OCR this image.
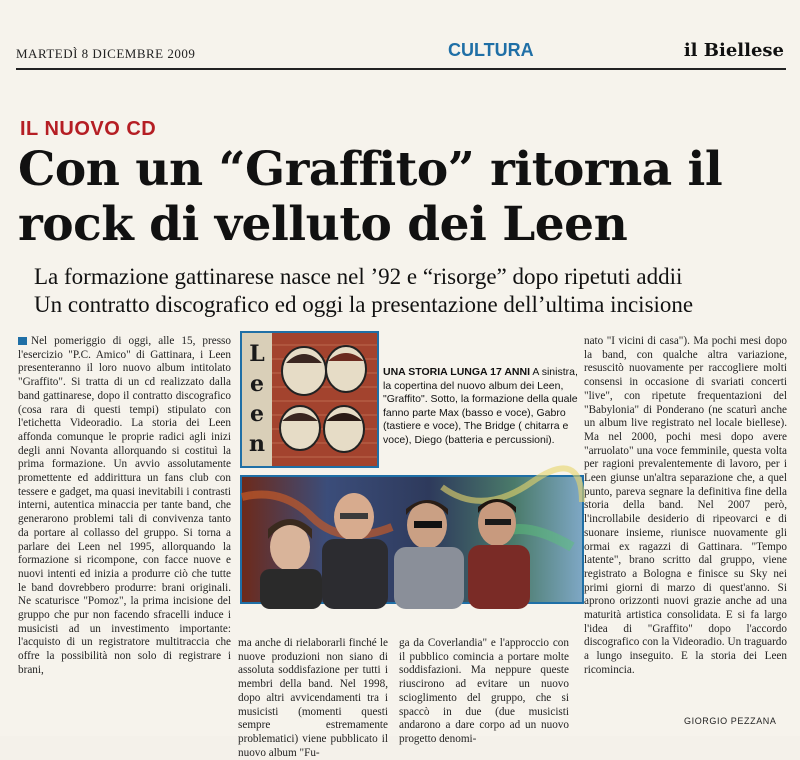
MARTEDÌ 8 DICEMBRE 2009	CULTURA	il Biellese
IL NUOVO CD
Con un “Graffito” ritorna il rock di velluto dei Leen
La formazione gattinarese nasce nel ’92 e “risorge” dopo ripetuti addii
Un contratto discografico ed oggi la presentazione dell’ultima incisione
Nel pomeriggio di oggi, alle 15, presso l'esercizio "P.C. Amico" di Gattinara, i Leen presenteranno il loro nuovo album intitolato "Graffito". Si tratta di un cd realizzato dalla band gattinarese, dopo il contratto discografico (cosa rara di questi tempi) stipulato con l'etichetta Videoradio. La storia dei Leen affonda comunque le proprie radici agli inizi degli anni Novanta allorquando si costituì la prima formazione. Un avvio assolutamente promettente ed addirittura un fans club con tessere e gadget, ma quasi inevitabili i contrasti interni, autentica minaccia per tante band, che generarono problemi tali di convivenza tanto da portare al collasso del gruppo. Si torna a parlare dei Leen nel 1995, allorquando la formazione si ricompone, con facce nuove e nuovi intenti ed inizia a produrre ciò che tutte le band dovrebbero produrre: brani originali. Ne scaturisce "Pomoz", la prima incisione del gruppo che pur non facendo sfracelli induce i musicisti ad un investimento importante: l'acquisto di un registratore multitraccia che offre la possibilità non solo di registrare i brani,
Leen
UNA STORIA LUNGA 17 ANNI A sinistra, la copertina del nuovo album dei Leen, "Graffito". Sotto, la formazione della quale fanno parte Max (basso e voce), Gabro (tastiere e voce), The Bridge ( chitarra e voce), Diego (batteria e percussioni).
ma anche di rielaborarli finché le nuove produzioni non siano di assoluta soddisfazione per tutti i membri della band. Nel 1998, dopo altri avvicendamenti tra i musicisti (momenti questi sempre estremamente problematici) viene pubblicato il nuovo album "Fu-
ga da Coverlandia" e l'approccio con il pubblico comincia a portare molte soddisfazioni. Ma neppure queste riuscirono ad evitare un nuovo scioglimento del gruppo, che si spaccò in due (due musicisti andarono a dare corpo ad un nuovo progetto denomi-
nato "I vicini di casa"). Ma pochi mesi dopo la band, con qualche altra variazione, resuscitò nuovamente per raccogliere molti consensi in occasione di svariati concerti "live", con ripetute frequentazioni del "Babylonia" di Ponderano (ne scaturì anche un album live registrato nel locale biellese). Ma nel 2000, pochi mesi dopo avere "arruolato" una voce femminile, questa volta per ragioni prevalentemente di lavoro, per i Leen giunse un'altra separazione che, a quel punto, pareva segnare la definitiva fine della storia della band. Nel 2007 però, l'incrollabile desiderio di ripeovarci e di suonare insieme, riunisce nuovamente gli ormai ex ragazzi di Gattinara. "Tempo latente", brano scritto dal gruppo, viene registrato a Bologna e finisce su Sky nei primi giorni di marzo di quest'anno. Si aprono orizzonti nuovi grazie anche ad una maturità artistica consolidata. E si fa largo l'idea di "Graffito" dopo l'accordo discografico con la Videoradio. Un traguardo a lungo inseguito. E la storia dei Leen ricomincia.
GIORGIO PEZZANA
